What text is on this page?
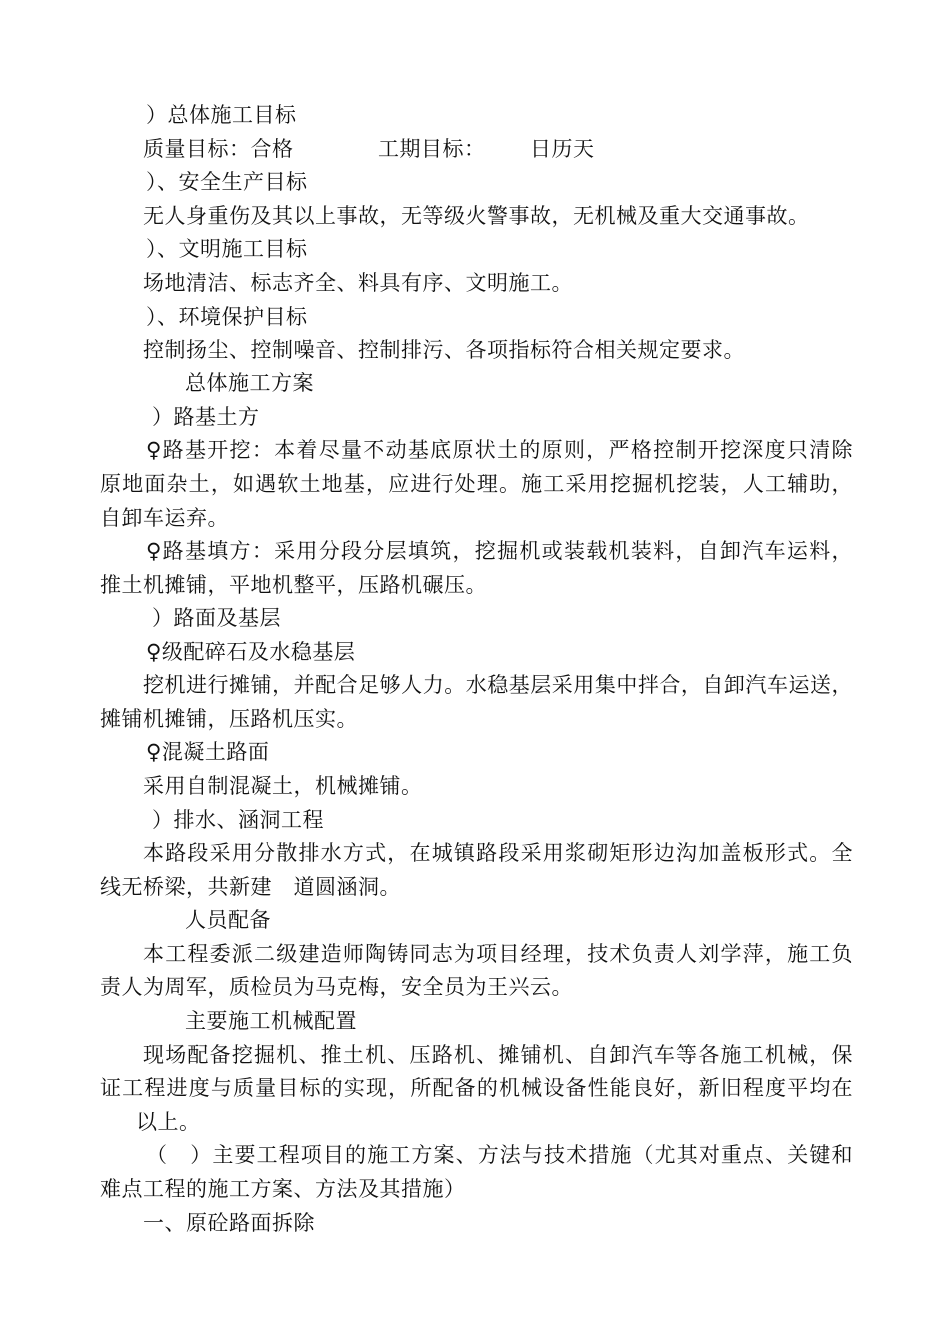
）总体施工目标
质量目标：合格	工期目标： 日历天
）、安全生产目标
无人身重伤及其以上事故，无等级火警事故，无机械及重大交通事故。
）、文明施工目标
场地清洁、标志齐全、料具有序、文明施工。
）、环境保护目标
控制扬尘、控制噪音、控制排污、各项指标符合相关规定要求。
总体施工方案
）路基土方
♀路基开挖：本着尽量不动基底原状土的原则，严格控制开挖深度只清除
原地面杂土，如遇软土地基，应进行处理。施工采用挖掘机挖装，人工辅助，
自卸车运弃。
♀路基填方：采用分段分层填筑，挖掘机或装载机装料，自卸汽车运料，
推土机摊铺，平地机整平，压路机碾压。
）路面及基层
♀级配碎石及水稳基层
挖机进行摊铺，并配合足够人力。水稳基层采用集中拌合，自卸汽车运送，
摊铺机摊铺，压路机压实。
♀混凝土路面
采用自制混凝土，机械摊铺。
）排水、涵洞工程
本路段采用分散排水方式，在城镇路段采用浆砌矩形边沟加盖板形式。全
线无桥梁，共新建　道圆涵洞。
人员配备
本工程委派二级建造师陶铸同志为项目经理，技术负责人刘学萍，施工负
责人为周军，质检员为马克梅，安全员为王兴云。
主要施工机械配置
现场配备挖掘机、推土机、压路机、摊铺机、自卸汽车等各施工机械，保
证工程进度与质量目标的实现，所配备的机械设备性能良好，新旧程度平均在
以上。
（　）主要工程项目的施工方案、方法与技术措施（尤其对重点、关键和
难点工程的施工方案、方法及其措施）
一、原砼路面拆除
